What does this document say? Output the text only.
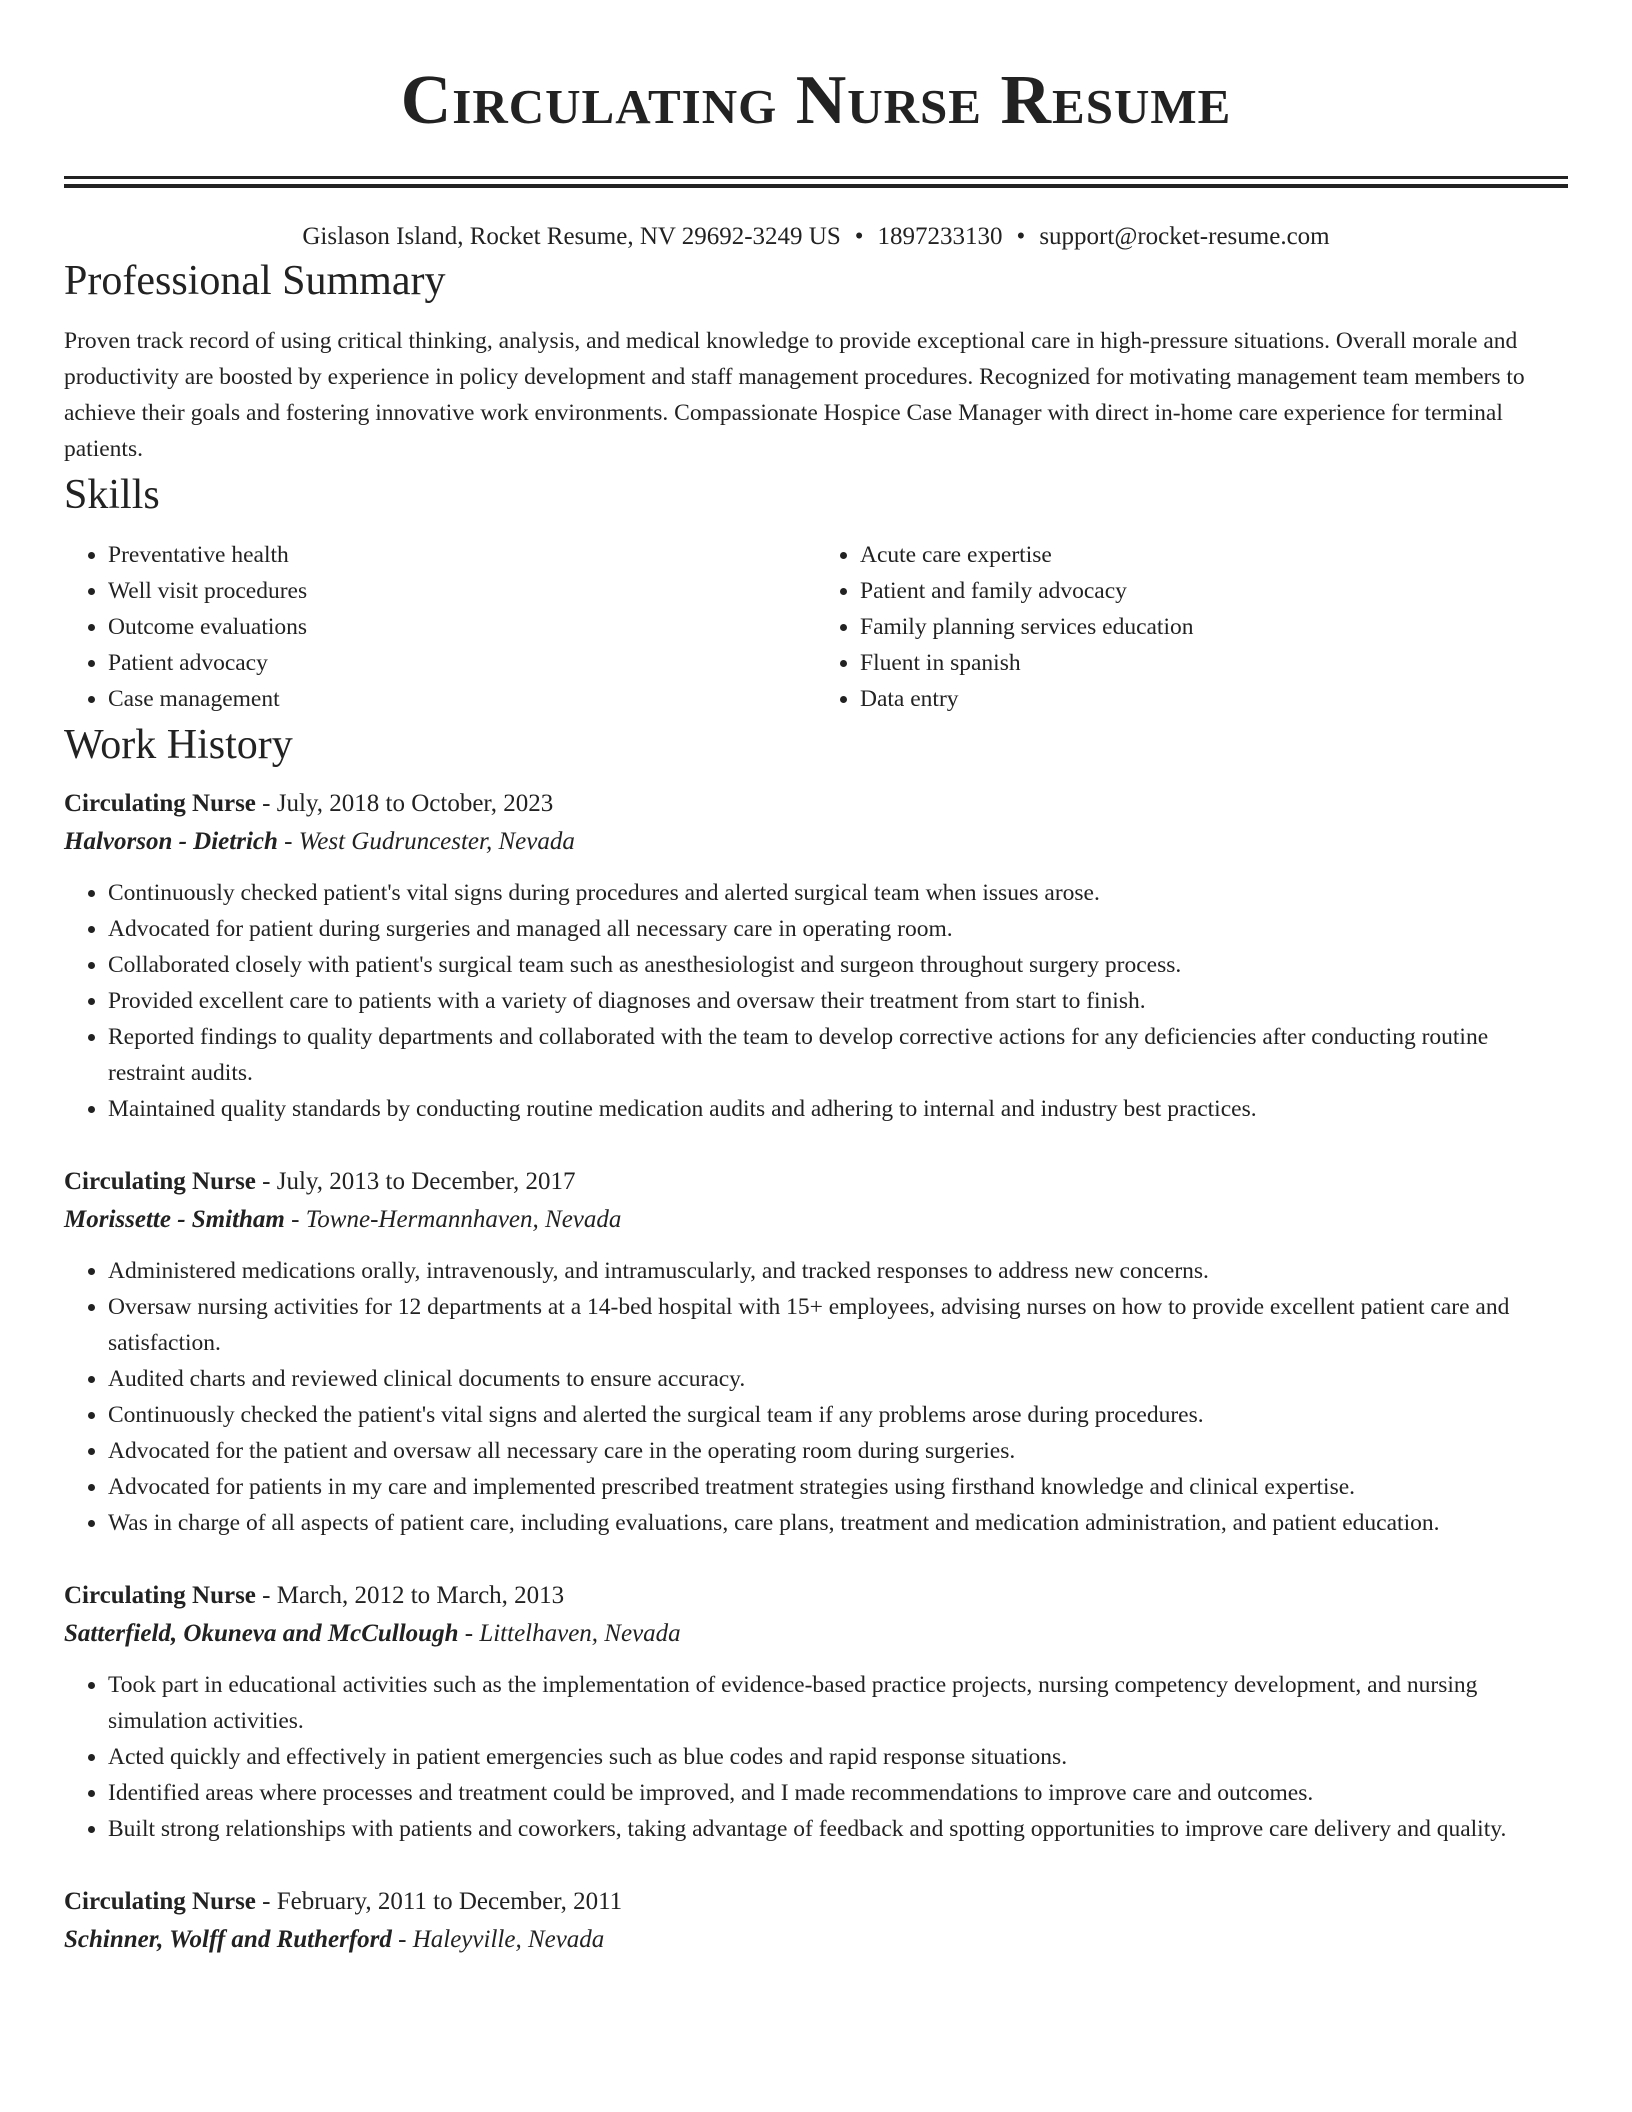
Circulating Nurse Resume
Gislason Island, Rocket Resume, NV 29692-3249 US • 1897233130 • support@rocket-resume.com
Professional Summary

Proven track record of using critical thinking, analysis, and medical knowledge to provide exceptional care in high-pressure situations. Overall morale and productivity are boosted by experience in policy development and staff management procedures. Recognized for motivating management team members to achieve their goals and fostering innovative work environments. Compassionate Hospice Case Manager with direct in-home care experience for terminal patients.

Skills
• Preventative health
• Well visit procedures
• Outcome evaluations
• Patient advocacy
• Case management
• Acute care expertise
• Patient and family advocacy
• Family planning services education
• Fluent in spanish
• Data entry
Work History
Circulating Nurse - July, 2018 to October, 2023
Halvorson - Dietrich - West Gudruncester, Nevada
• Continuously checked patient's vital signs during procedures and alerted surgical team when issues arose.
• Advocated for patient during surgeries and managed all necessary care in operating room.
• Collaborated closely with patient's surgical team such as anesthesiologist and surgeon throughout surgery process.
• Provided excellent care to patients with a variety of diagnoses and oversaw their treatment from start to finish.
• Reported findings to quality departments and collaborated with the team to develop corrective actions for any deficiencies after conducting routine restraint audits.
• Maintained quality standards by conducting routine medication audits and adhering to internal and industry best practices.
Circulating Nurse - July, 2013 to December, 2017
Morissette - Smitham - Towne-Hermannhaven, Nevada
• Administered medications orally, intravenously, and intramuscularly, and tracked responses to address new concerns.
• Oversaw nursing activities for 12 departments at a 14-bed hospital with 15+ employees, advising nurses on how to provide excellent patient care and satisfaction.
• Audited charts and reviewed clinical documents to ensure accuracy.
• Continuously checked the patient's vital signs and alerted the surgical team if any problems arose during procedures.
• Advocated for the patient and oversaw all necessary care in the operating room during surgeries.
• Advocated for patients in my care and implemented prescribed treatment strategies using firsthand knowledge and clinical expertise.
• Was in charge of all aspects of patient care, including evaluations, care plans, treatment and medication administration, and patient education.
Circulating Nurse - March, 2012 to March, 2013
Satterfield, Okuneva and McCullough - Littelhaven, Nevada
• Took part in educational activities such as the implementation of evidence-based practice projects, nursing competency development, and nursing simulation activities.
• Acted quickly and effectively in patient emergencies such as blue codes and rapid response situations.
• Identified areas where processes and treatment could be improved, and I made recommendations to improve care and outcomes.
• Built strong relationships with patients and coworkers, taking advantage of feedback and spotting opportunities to improve care delivery and quality.
Circulating Nurse - February, 2011 to December, 2011
Schinner, Wolff and Rutherford - Haleyville, Nevada
